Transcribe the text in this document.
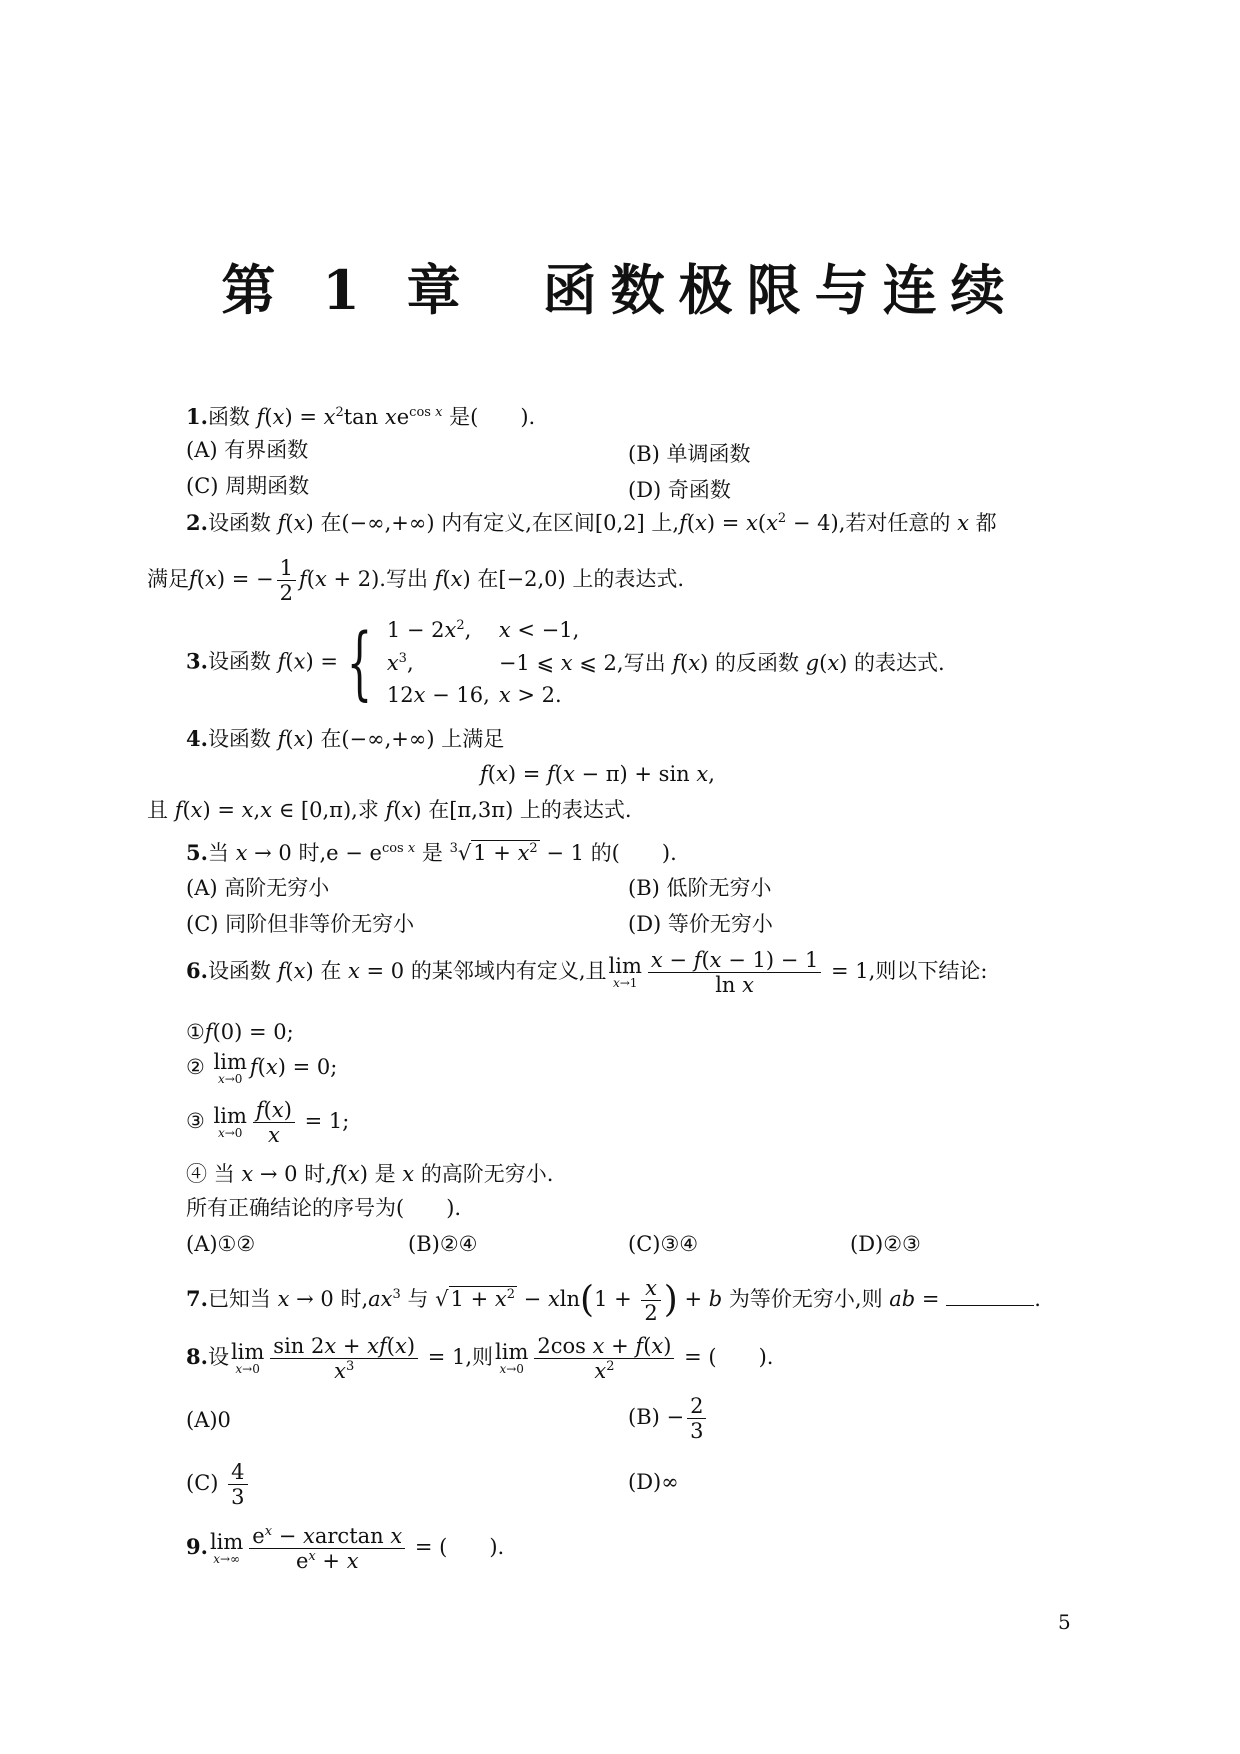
第 1 章　函数极限与连续
1.函数 $f(x) = x^2\tan$ $xe^{cos x}$ 是(　　).
(A) 有界函数	(B) 单调函数
(C) 周期函数	(D) 奇函数
2.设函数 f(x) 在(−∞,+∞) 内有定义,在区间[0,2] 上$,f(x) = x(x^2 - 4)$,若对任意的 x 都
满足f(x) = − $\frac{1}{2} f(x + 2)$.写出 f(x) 在[−2,0) 上的表达式.
3.设函数 f(x) = { $1 - 2x^2$, x < −1,
$x^3$,	−1 ⩽ x ⩽ 2,写出 f(x) 的反函数 g(x) 的表达式.
12x − 16, x > 2.
4.设函数 f(x) 在(−∞,+∞) 上满足
f(x) = f(x − π) + sin x,
且 f(x) = x,x ∈ [0,π),求 f(x) 在[π,3π) 上的表达式.
5.当 x → 0 时$,e - e^{cos x}$ 是 $^3√1 + x^2 - 1$ 的(　　).
(A) 高阶无穷小	(B) 低阶无穷小
(C) 同阶但非等价无穷小	(D) 等价无穷小
6.设函数 f(x) 在 x = 0 的某邻域内有定义,且 lim
$x\to 1 \frac{x - f(x - 1) - 1}{\text{ln x}} = 1$,则以下结论:
①f(0) = 0;
② lim
x→0 f(x) = 0;
③ lim
$x\to 0 \frac{f(x)}{x} = 1$;
④ 当 x → 0 时,f(x) 是 x 的高阶无穷小.
所有正确结论的序号为(　　).
(A)①②	(B)②④	(C)③④	(D)②③
7.已知当 x → 0 时$,ax^3$ 与 $√1 + x^2 - xln(1 + \frac{x}{2}$ ) + b 为等价无穷小,则 ab =	.
8.设 lim
$x\to 0 \frac{\sin 2x + xf(x)}{x^3} = 1$,则 lim
$x\to 0 \frac{\text{2cos x + f(x)}}{x^2}$ = (　　).
(A)0	$(B) - \frac{2}{3}$
$(C) \frac{4}{3}$	(D)∞
9. lim
$x\to\infty \frac{e^x - xarctan x}{e^x + x}$ = (　　).
5
